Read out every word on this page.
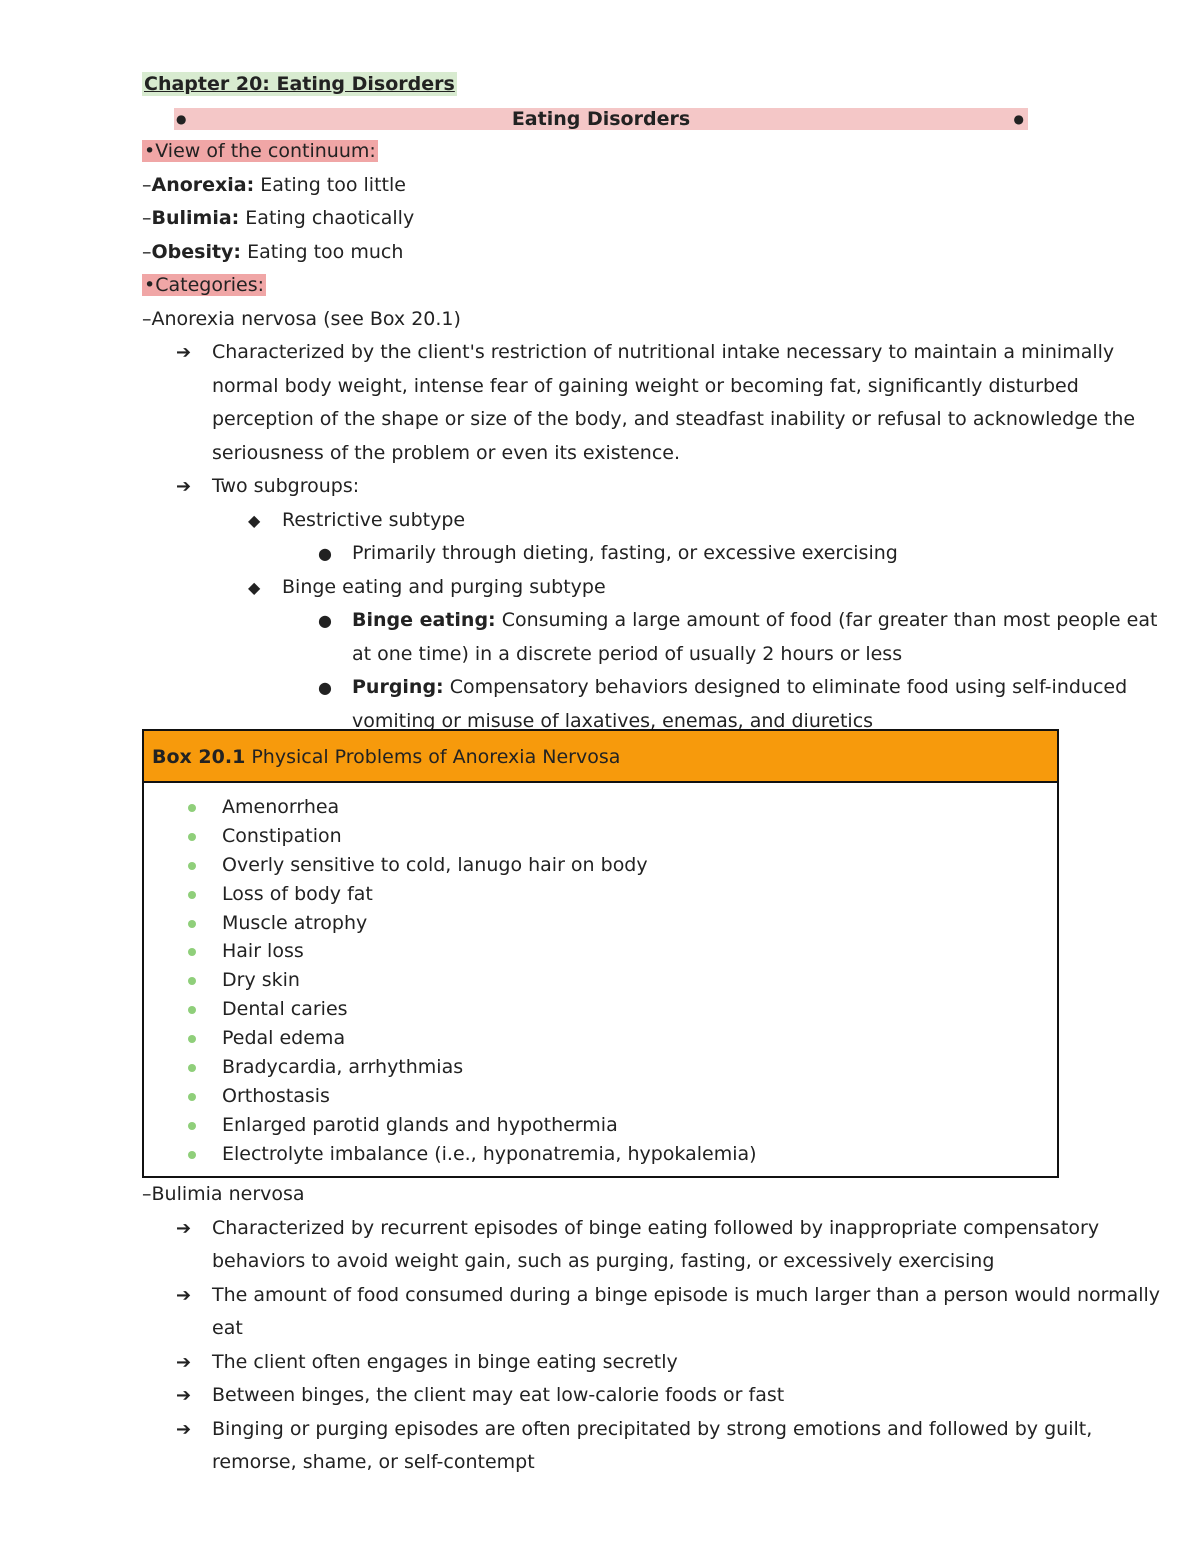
Chapter 20: Eating Disorders
●	Eating Disorders	●
•View of the continuum:
–Anorexia: Eating too little
–Bulimia: Eating chaotically
–Obesity: Eating too much
•Categories:
–Anorexia nervosa (see Box 20.1)
➔ Characterized by the client's restriction of nutritional intake necessary to maintain a minimally
normal body weight, intense fear of gaining weight or becoming fat, significantly disturbed
perception of the shape or size of the body, and steadfast inability or refusal to acknowledge the
seriousness of the problem or even its existence.
➔ Two subgroups:
◆ Restrictive subtype
● Primarily through dieting, fasting, or excessive exercising
◆ Binge eating and purging subtype
● Binge eating: Consuming a large amount of food (far greater than most people eat
at one time) in a discrete period of usually 2 hours or less
● Purging: Compensatory behaviors designed to eliminate food using self-induced
vomiting or misuse of laxatives, enemas, and diuretics
Box 20.1 Physical Problems of Anorexia Nervosa
Amenorrhea
Constipation
Overly sensitive to cold, lanugo hair on body
Loss of body fat
Muscle atrophy
Hair loss
Dry skin
Dental caries
Pedal edema
Bradycardia, arrhythmias
Orthostasis
Enlarged parotid glands and hypothermia
Electrolyte imbalance (i.e., hyponatremia, hypokalemia)
–Bulimia nervosa
➔ Characterized by recurrent episodes of binge eating followed by inappropriate compensatory
behaviors to avoid weight gain, such as purging, fasting, or excessively exercising
➔ The amount of food consumed during a binge episode is much larger than a person would normally
eat
➔ The client often engages in binge eating secretly
➔ Between binges, the client may eat low-calorie foods or fast
➔ Binging or purging episodes are often precipitated by strong emotions and followed by guilt,
remorse, shame, or self-contempt
